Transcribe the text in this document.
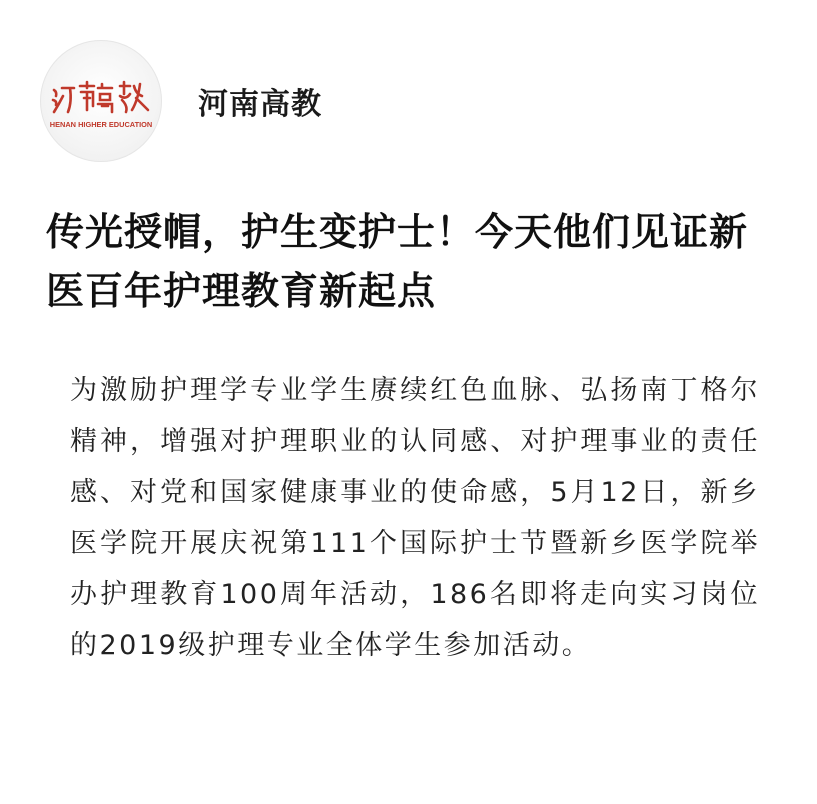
HENAN HIGHER EDUCATION
河南高教
传光授帽，护生变护士！今天他们见证新医百年护理教育新起点

为激励护理学专业学生赓续红色血脉、弘扬南丁格尔精神，增强对护理职业的认同感、对护理事业的责任感、对党和国家健康事业的使命感，5月12日，新乡医学院开展庆祝第111个国际护士节暨新乡医学院举办护理教育100周年活动，186名即将走向实习岗位的2019级护理专业全体学生参加活动。
